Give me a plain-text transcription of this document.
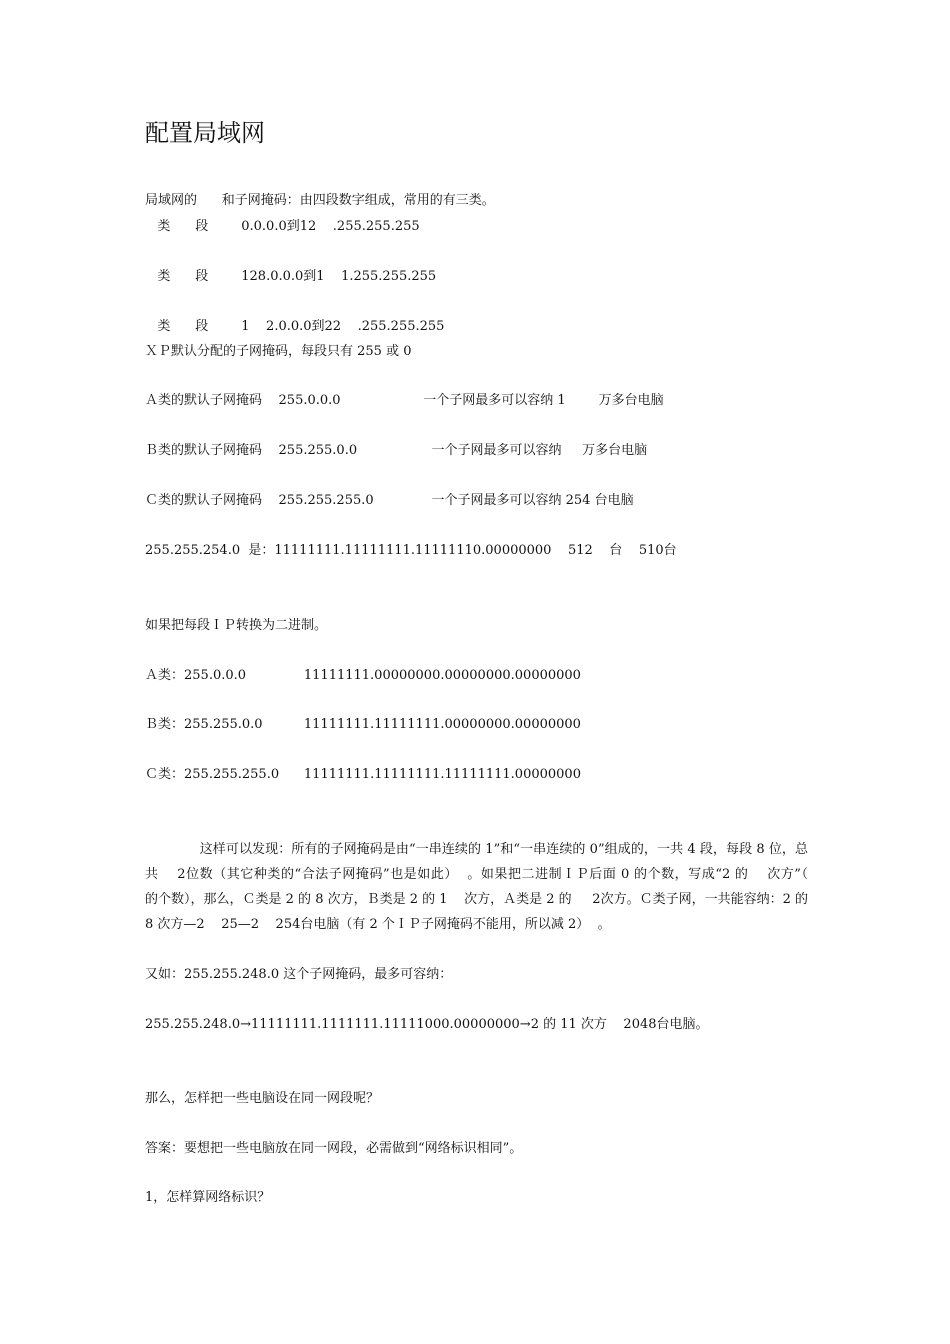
配置局域网
局域网的      和子网掩码：由四段数字组成，常用的有三类。
类      段        0.0.0.0到12    .255.255.255
类      段        128.0.0.0到1    1.255.255.255
类      段        1    2.0.0.0到22    .255.255.255
ＸＰ默认分配的子网掩码，每段只有 255 或 0
Ａ类的默认子网掩码    255.0.0.0                    一个子网最多可以容纳 1        万多台电脑
Ｂ类的默认子网掩码    255.255.0.0                  一个子网最多可以容纳     万多台电脑
Ｃ类的默认子网掩码    255.255.255.0              一个子网最多可以容纳 254 台电脑
255.255.254.0  是：11111111.11111111.11111110.00000000    512    台    510台
如果把每段ＩＰ转换为二进制。
Ａ类：255.0.0.0              11111111.00000000.00000000.00000000
Ｂ类：255.255.0.0          11111111.11111111.00000000.00000000
Ｃ类：255.255.255.0      11111111.11111111.11111111.00000000
这样可以发现：所有的子网掩码是由“一串连续的 1”和“一串连续的 0”组成的，一共 4 段，每段 8 位，总共    2位数（其它种类的“合法子网掩码”也是如此）  。如果把二进制ＩＰ后面 0 的个数，写成“2 的    次方”（      的个数），那么，Ｃ类是 2 的 8 次方，Ｂ类是 2 的 1    次方，Ａ类是 2 的     2次方。Ｃ类子网，一共能容纳：2 的 8 次方—2    25—2    254台电脑（有 2 个ＩＰ子网掩码不能用，所以减 2）  。
又如：255.255.248.0 这个子网掩码，最多可容纳：
255.255.248.0→11111111.1111111.11111000.00000000→2 的 11 次方    2048台电脑。
那么，怎样把一些电脑设在同一网段呢？
答案：要想把一些电脑放在同一网段，必需做到“网络标识相同”。
1，怎样算网络标识？
